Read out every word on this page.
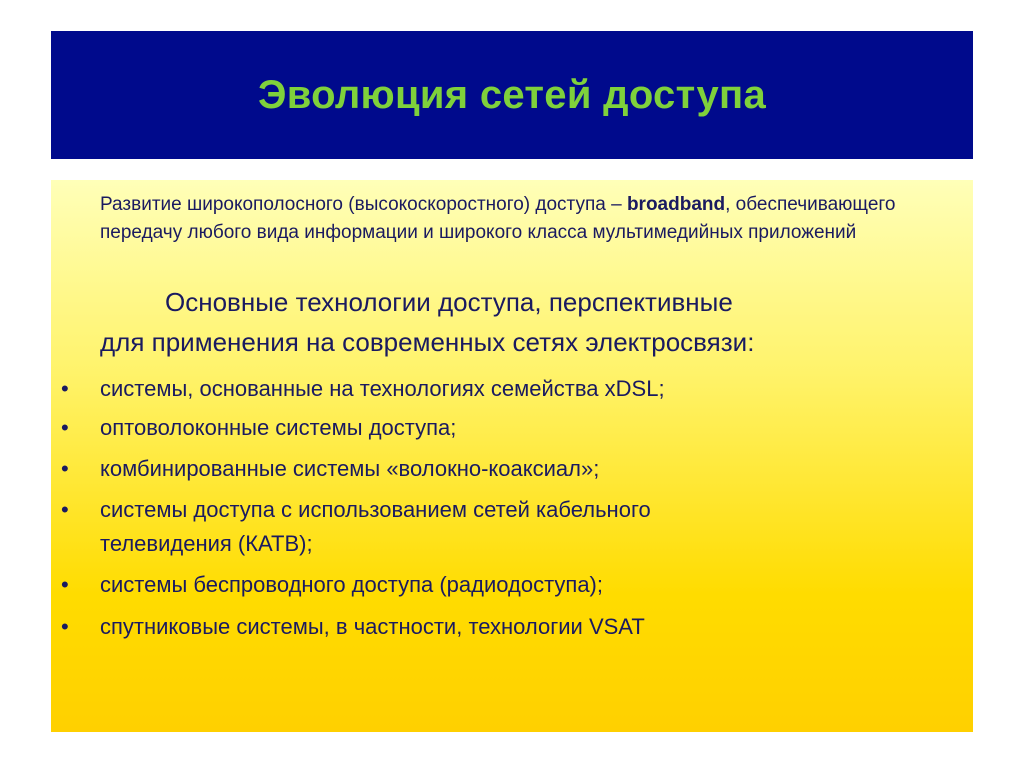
Эволюция сетей доступа
Развитие широкополосного (высокоскоростного) доступа – broadband, обеспечивающего передачу любого вида информации и широкого класса мультимедийных приложений
Основные технологии доступа, перспективные
для применения на современных сетях электросвязи:
• системы, основанные на технологиях семейства xDSL;
• оптоволоконные системы доступа;
• комбинированные системы «волокно-коаксиал»;
• системы доступа с использованием сетей кабельного
телевидения (КАТВ);
• системы беспроводного доступа (радиодоступа);
• спутниковые системы, в частности, технологии VSAT
